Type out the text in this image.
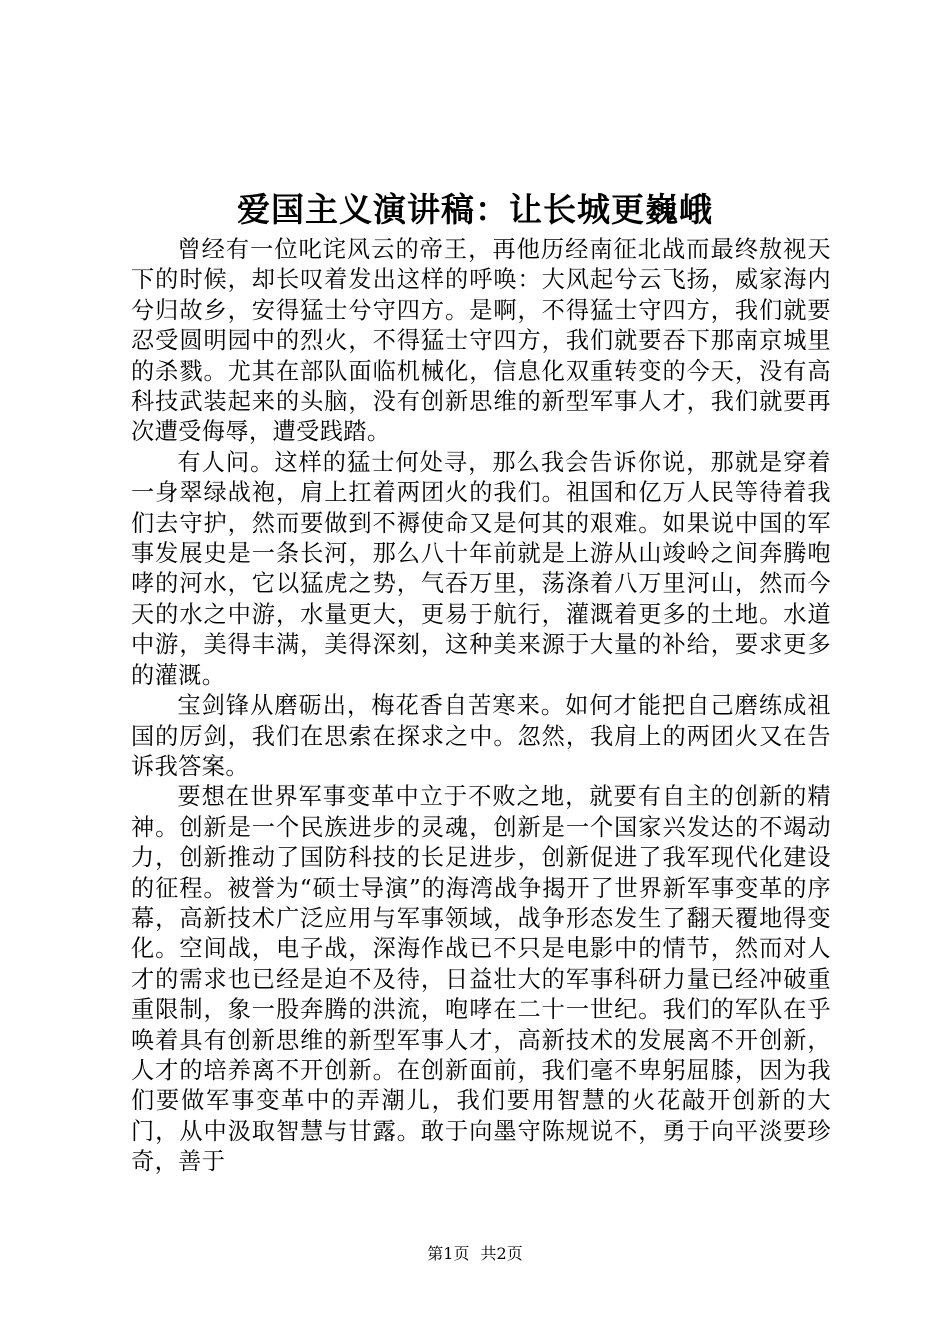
爱国主义演讲稿：让长城更巍峨

曾经有一位叱诧风云的帝王，再他历经南征北战而最终敖视天下的时候，却长叹着发出这样的呼唤：大风起兮云飞扬，威家海内兮归故乡，安得猛士兮守四方。是啊，不得猛士守四方，我们就要忍受圆明园中的烈火，不得猛士守四方，我们就要吞下那南京城里的杀戮。尤其在部队面临机械化，信息化双重转变的今天，没有高科技武装起来的头脑，没有创新思维的新型军事人才，我们就要再次遭受侮辱，遭受践踏。

有人问。这样的猛士何处寻，那么我会告诉你说，那就是穿着一身翠绿战袍，肩上扛着两团火的我们。祖国和亿万人民等待着我们去守护，然而要做到不褥使命又是何其的艰难。如果说中国的军事发展史是一条长河，那么八十年前就是上游从山竣岭之间奔腾咆哮的河水，它以猛虎之势，气吞万里，荡涤着八万里河山，然而今天的水之中游，水量更大，更易于航行，灌溉着更多的土地。水道中游，美得丰满，美得深刻，这种美来源于大量的补给，要求更多的灌溉。

宝剑锋从磨砺出，梅花香自苦寒来。如何才能把自己磨练成祖国的厉剑，我们在思索在探求之中。忽然，我肩上的两团火又在告诉我答案。

要想在世界军事变革中立于不败之地，就要有自主的创新的精神。创新是一个民族进步的灵魂，创新是一个国家兴发达的不竭动力，创新推动了国防科技的长足进步，创新促进了我军现代化建设的征程。被誉为“硕士导演”的海湾战争揭开了世界新军事变革的序幕，高新技术广泛应用与军事领域，战争形态发生了翻天覆地得变化。空间战，电子战，深海作战已不只是电影中的情节，然而对人才的需求也已经是迫不及待，日益壮大的军事科研力量已经冲破重重限制，象一股奔腾的洪流，咆哮在二十一世纪。我们的军队在乎唤着具有创新思维的新型军事人才，高新技术的发展离不开创新，人才的培养离不开创新。在创新面前，我们毫不卑躬屈膝，因为我们要做军事变革中的弄潮儿，我们要用智慧的火花敲开创新的大门，从中汲取智慧与甘露。敢于向墨守陈规说不，勇于向平淡要珍奇，善于

第1页 共2页
